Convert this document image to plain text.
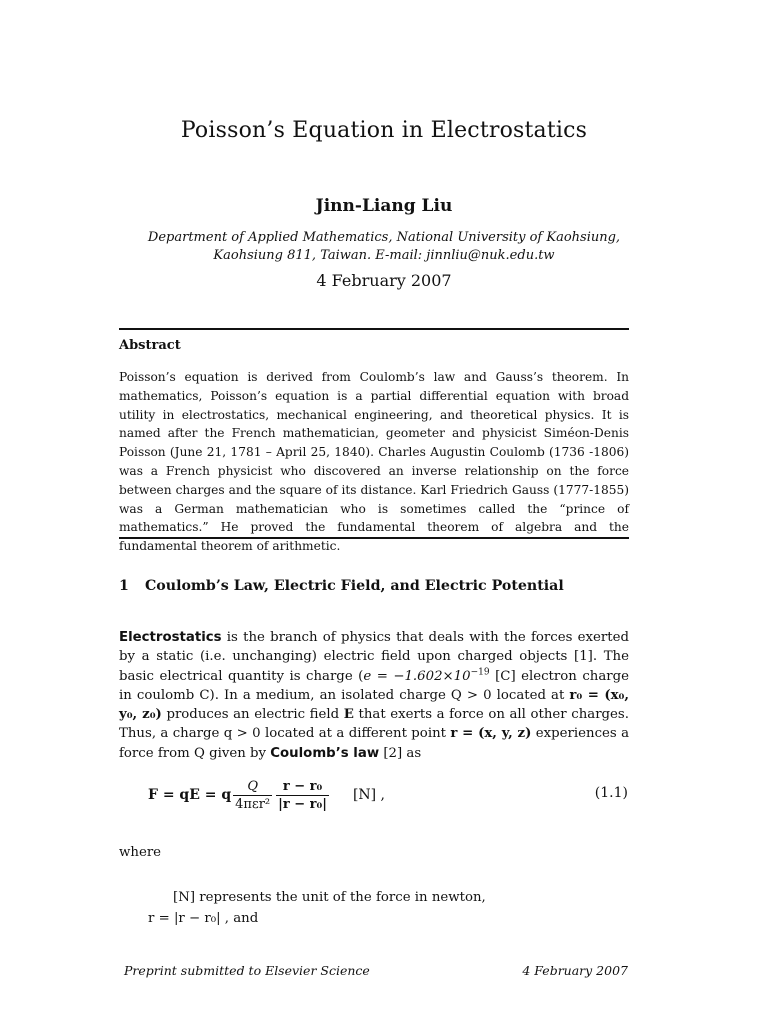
Poisson’s Equation in Electrostatics
Jinn-Liang Liu
Department of Applied Mathematics, National University of Kaohsiung,
Kaohsiung 811, Taiwan. E-mail: jinnliu@nuk.edu.tw
4 February 2007
Abstract

Poisson’s equation is derived from Coulomb’s law and Gauss’s theorem. In mathematics, Poisson’s equation is a partial differential equation with broad utility in electrostatics, mechanical engineering, and theoretical physics. It is named after the French mathematician, geometer and physicist Siméon-Denis Poisson (June 21, 1781 – April 25, 1840). Charles Augustin Coulomb (1736 -1806) was a French physicist who discovered an inverse relationship on the force between charges and the square of its distance. Karl Friedrich Gauss (1777-1855) was a German mathematician who is sometimes called the “prince of mathematics.” He proved the fundamental theorem of algebra and the fundamental theorem of arithmetic.

1 Coulomb’s Law, Electric Field, and Electric Potential
Electrostatics is the branch of physics that deals with the forces exerted by a static (i.e. unchanging) electric field upon charged objects [1]. The basic electrical quantity is charge ($e = -1.602\times 10^{-19}$ [C] electron charge in coulomb C). In a medium, an isolated charge Q > 0 located at r₀ = (x₀, y₀, z₀) produces an electric field E that exerts a force on all other charges. Thus, a charge q > 0 located at a different point r = (x, y, z) experiences a force from Q given by Coulomb’s law [2] as
F = qE = q $\frac{Q}{\text{4πεr²}} \frac{\text{r − r₀}}{\text{|r − r₀|}} [N]$ ,	(1.1)
where
[N] represents the unit of the force in newton,
r = |r − r₀| , and
Preprint submitted to Elsevier Science	4 February 2007
